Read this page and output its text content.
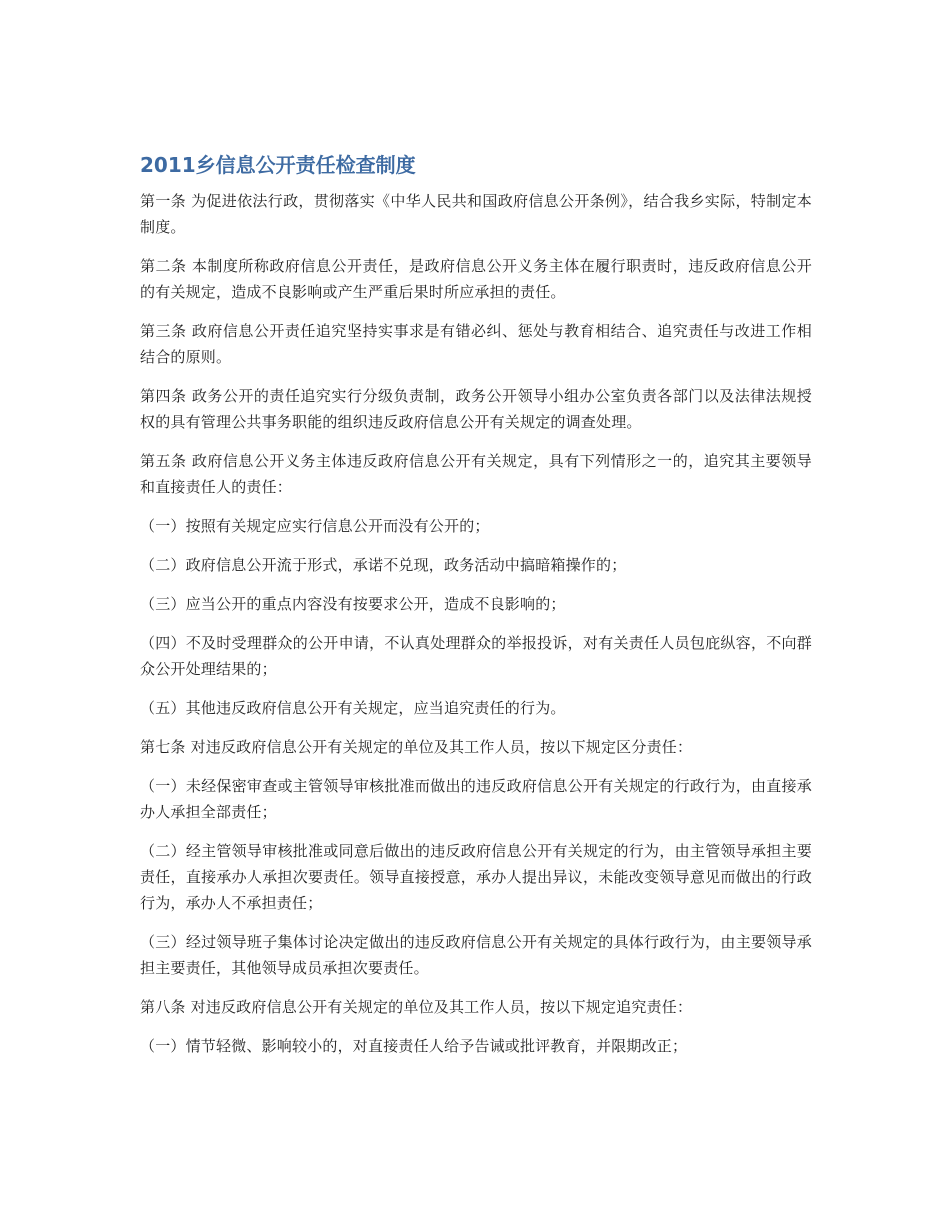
2011乡信息公开责任检查制度

第一条 为促进依法行政，贯彻落实《中华人民共和国政府信息公开条例》，结合我乡实际，特制定本制度。

第二条 本制度所称政府信息公开责任，是政府信息公开义务主体在履行职责时，违反政府信息公开的有关规定，造成不良影响或产生严重后果时所应承担的责任。

第三条 政府信息公开责任追究坚持实事求是有错必纠、惩处与教育相结合、追究责任与改进工作相结合的原则。

第四条 政务公开的责任追究实行分级负责制，政务公开领导小组办公室负责各部门以及法律法规授权的具有管理公共事务职能的组织违反政府信息公开有关规定的调查处理。

第五条 政府信息公开义务主体违反政府信息公开有关规定，具有下列情形之一的，追究其主要领导和直接责任人的责任：

（一）按照有关规定应实行信息公开而没有公开的；

（二）政府信息公开流于形式，承诺不兑现，政务活动中搞暗箱操作的；

（三）应当公开的重点内容没有按要求公开，造成不良影响的；

（四）不及时受理群众的公开申请，不认真处理群众的举报投诉，对有关责任人员包庇纵容，不向群众公开处理结果的；

（五）其他违反政府信息公开有关规定，应当追究责任的行为。

第七条 对违反政府信息公开有关规定的单位及其工作人员，按以下规定区分责任：

（一）未经保密审查或主管领导审核批准而做出的违反政府信息公开有关规定的行政行为，由直接承办人承担全部责任；

（二）经主管领导审核批准或同意后做出的违反政府信息公开有关规定的行为，由主管领导承担主要责任，直接承办人承担次要责任。领导直接授意，承办人提出异议，未能改变领导意见而做出的行政行为，承办人不承担责任；

（三）经过领导班子集体讨论决定做出的违反政府信息公开有关规定的具体行政行为，由主要领导承担主要责任，其他领导成员承担次要责任。

第八条 对违反政府信息公开有关规定的单位及其工作人员，按以下规定追究责任：

（一）情节轻微、影响较小的，对直接责任人给予告诫或批评教育，并限期改正；
